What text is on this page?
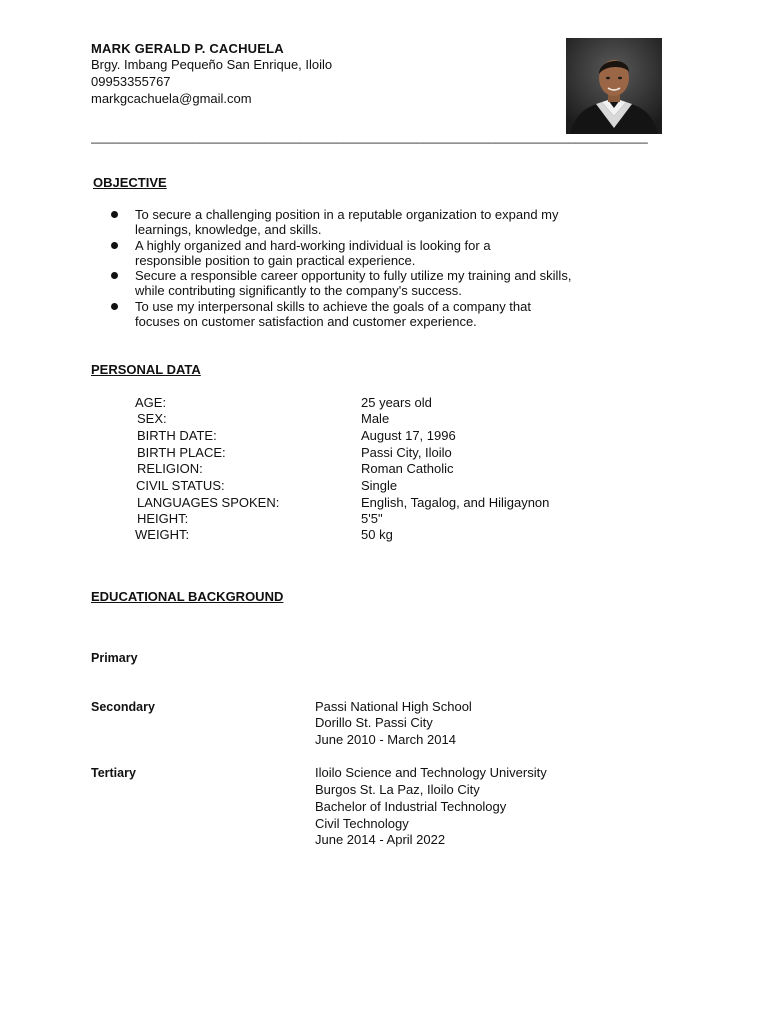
MARK GERALD P. CACHUELA
Brgy. Imbang Pequeño San Enrique, Iloilo
09953355767
markgcachuela@gmail.com
_____________________________________________________________________________
OBJECTIVE
To secure a challenging position in a reputable organization to expand my
learnings, knowledge, and skills.
A highly organized and hard-working individual is looking for a
responsible position to gain practical experience.
Secure a responsible career opportunity to fully utilize my training and skills,
while contributing significantly to the company's success.
To use my interpersonal skills to achieve the goals of a company that
focuses on customer satisfaction and customer experience.
PERSONAL DATA
AGE:	25 years old
SEX:	Male
BIRTH DATE:	August 17, 1996
BIRTH PLACE:	Passi City, Iloilo
RELIGION:	Roman Catholic
CIVIL STATUS:	Single
LANGUAGES SPOKEN:	English, Tagalog, and Hiligaynon
HEIGHT:	5'5"
WEIGHT:	50 kg
EDUCATIONAL BACKGROUND
Primary
Secondary	Passi National High School
Dorillo St. Passi City
June 2010 - March 2014
Tertiary	Iloilo Science and Technology University
Burgos St. La Paz, Iloilo City
Bachelor of Industrial Technology
Civil Technology
June 2014 - April 2022
